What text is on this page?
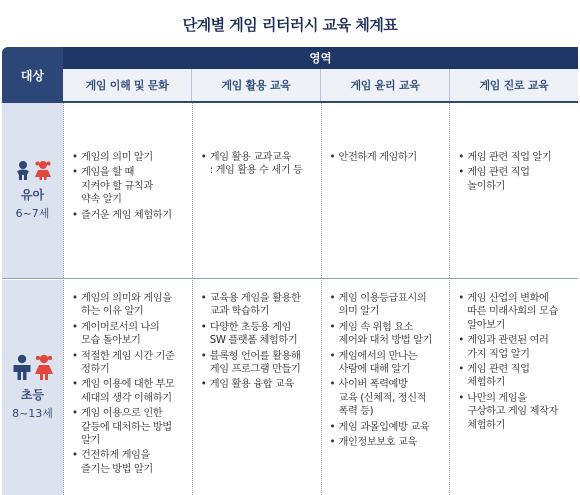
단계별 게임 리터러시 교육 체계표
대상
영역
게임 이해 및 문화	게임 활용 교육	게임 윤리 교육	게임 진로 교육
유아
6~7세
• 게임의 의미 알기
• 게임을 할 때
지켜야 할 규칙과
약속 알기
• 즐거운 게임 체험하기
• 게임 활용 교과교육
: 게임 활용 수 세기 등
• 안전하게 게임하기
•	게임 관련 직업 알기
• 게임 관련 직업
놀이하기
초등
8~13세
• 게임의 의미와 게임을
하는 이유 알기
• 게이머로서의 나의
모습 돌아보기
• 적절한 게임 시간 기준
정하기
• 게임 이용에 대한 부모
세대의 생각 이해하기
• 게임 이용으로 인한
갈등에 대처하는 방법
알기
• 건전하게 게임을
즐기는 방법 알기
• 교육용 게임을 활용한
교과 학습하기
• 다양한 초등용 게임
SW 플랫폼 체험하기
• 블록형 언어를 활용해
게임 프로그램 만들기
• 게임 활용 융합 교육
• 게임 이용등급표시의
의미 알기
• 게임 속 위험 요소
제어와 대처 방법 알기
• 게임에서의 만나는
사람에 대해 알기
• 사이버 폭력예방
교육 (신체적, 정신적
폭력 등)
• 게임 과몰입예방 교육
• 개인정보보호 교육
• 게임 산업의 변화에
따른 미래사회의 모습
알아보기
• 게임과 관련된 여러
가지 직업 알기
• 게임 관련 직업
체험하기
• 나만의 게임을
구상하고 게임 제작자
체험하기
